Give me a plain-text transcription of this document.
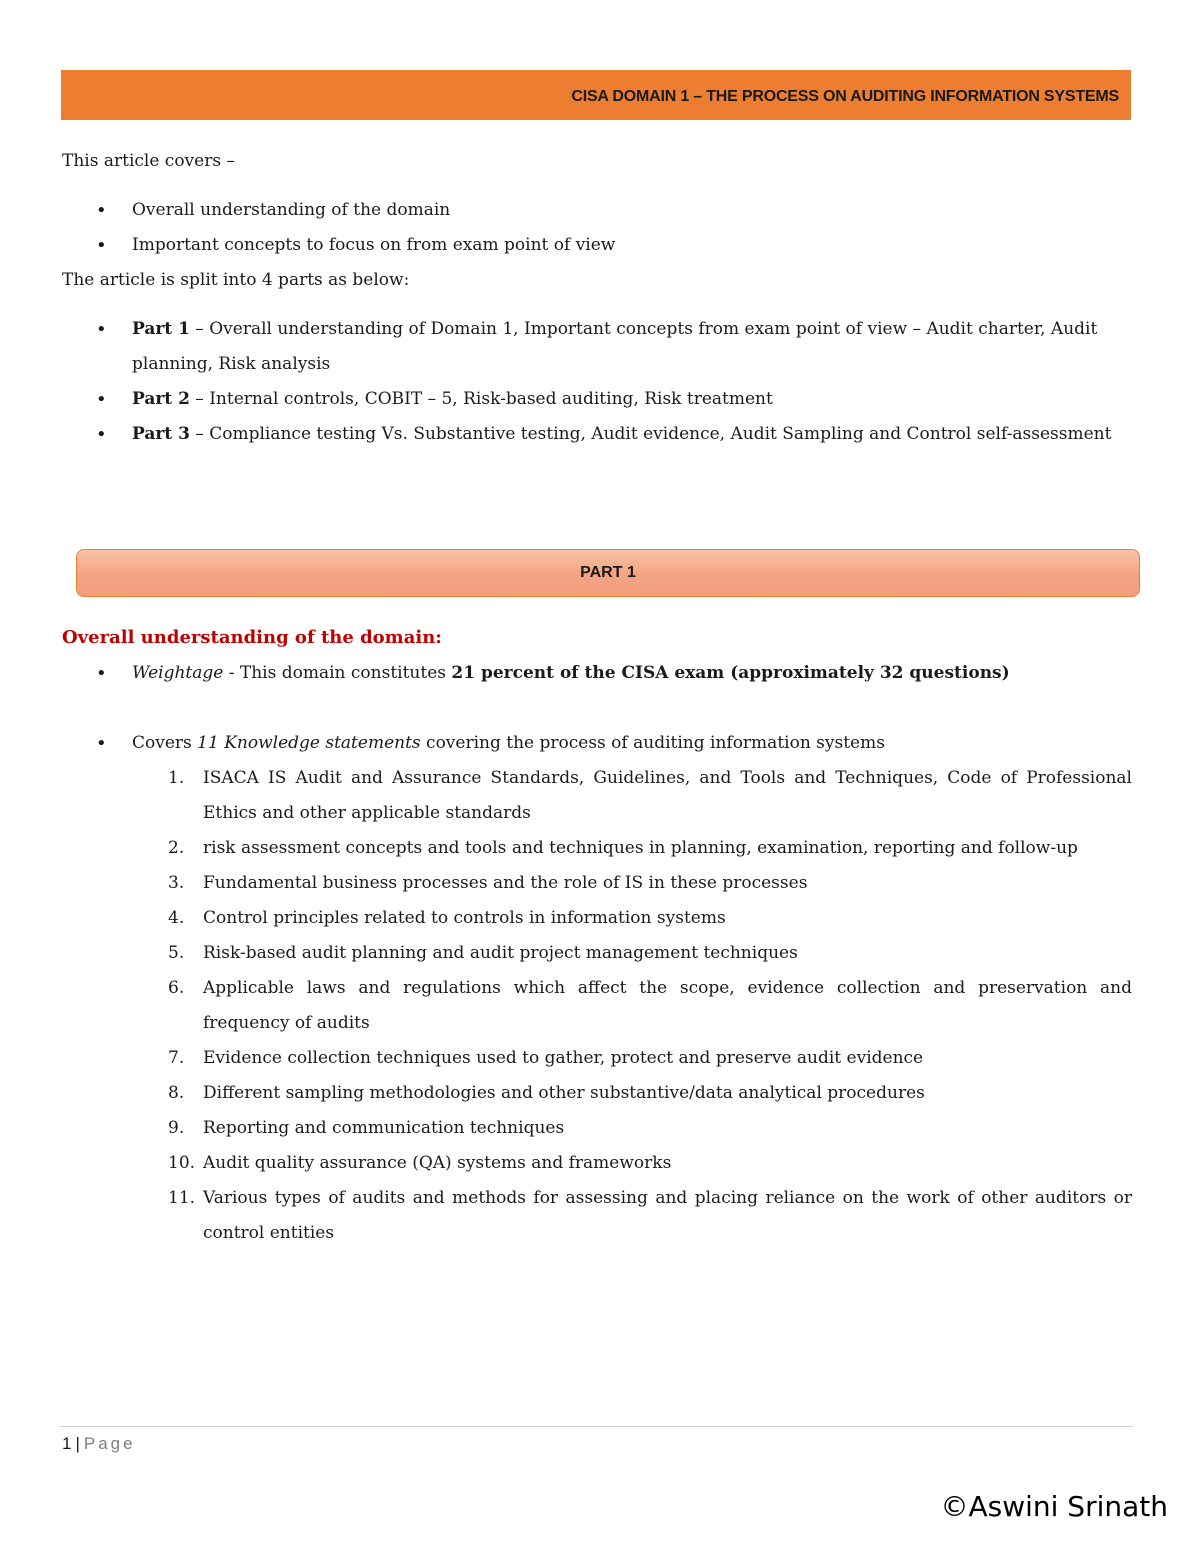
CISA DOMAIN 1 – THE PROCESS ON AUDITING INFORMATION SYSTEMS

This article covers –

• Overall understanding of the domain
• Important concepts to focus on from exam point of view

The article is split into 4 parts as below:

• Part 1 – Overall understanding of Domain 1, Important concepts from exam point of view – Audit charter, Audit planning, Risk analysis
• Part 2 – Internal controls, COBIT – 5, Risk-based auditing, Risk treatment
• Part 3 – Compliance testing Vs. Substantive testing, Audit evidence, Audit Sampling and Control self-assessment
PART 1

Overall understanding of the domain:

• Weightage - This domain constitutes 21 percent of the CISA exam (approximately 32 questions)
• Covers 11 Knowledge statements covering the process of auditing information systems
1. ISACA IS Audit and Assurance Standards, Guidelines, and Tools and Techniques, Code of Professional Ethics and other applicable standards
2. risk assessment concepts and tools and techniques in planning, examination, reporting and follow-up
3. Fundamental business processes and the role of IS in these processes
4. Control principles related to controls in information systems
5. Risk-based audit planning and audit project management techniques
6. Applicable laws and regulations which affect the scope, evidence collection and preservation and frequency of audits
7. Evidence collection techniques used to gather, protect and preserve audit evidence
8. Different sampling methodologies and other substantive/data analytical procedures
9. Reporting and communication techniques
10. Audit quality assurance (QA) systems and frameworks
11. Various types of audits and methods for assessing and placing reliance on the work of other auditors or control entities
1 | Page
©Aswini Srinath
